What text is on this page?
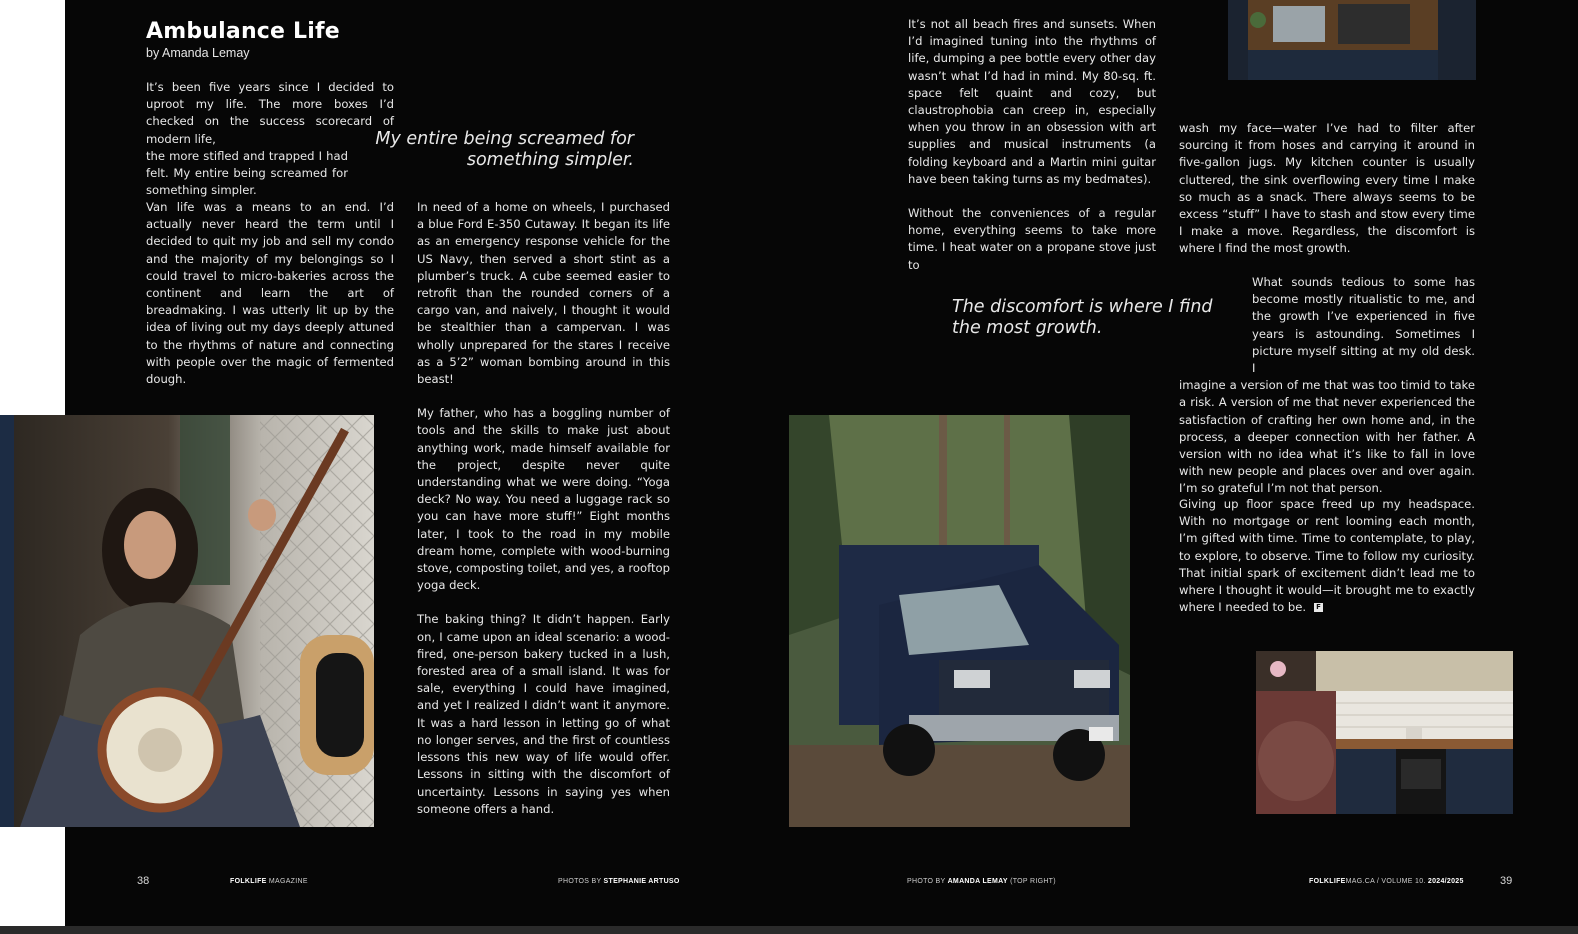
Ambulance Life
by Amanda Lemay

It’s been five years since I decided to uproot my life. The more boxes I’d checked on the success scorecard of modern life,

the more stifled and trapped I had felt. My entire being screamed for something simpler.

My entire being screamed for something simpler.
Van life was a means to an end. I’d actually never heard the term until I decided to quit my job and sell my condo and the majority of my belongings so I could travel to micro-bakeries across the continent and learn the art of breadmaking. I was utterly lit up by the idea of living out my days deeply attuned to the rhythms of nature and connecting with people over the magic of fermented dough.

In need of a home on wheels, I purchased a blue Ford E-350 Cutaway. It began its life as an emergency response vehicle for the US Navy, then served a short stint as a plumber’s truck. A cube seemed easier to retrofit than the rounded corners of a cargo van, and naively, I thought it would be stealthier than a campervan. I was wholly unprepared for the stares I receive as a 5’2” woman bombing around in this beast!

My father, who has a boggling number of tools and the skills to make just about anything work, made himself available for the project, despite never quite understanding what we were doing. “Yoga deck? No way. You need a luggage rack so you can have more stuff!” Eight months later, I took to the road in my mobile dream home, complete with wood-burning stove, composting toilet, and yes, a rooftop yoga deck.

The baking thing? It didn’t happen. Early on, I came upon an ideal scenario: a wood-fired, one-person bakery tucked in a lush, forested area of a small island. It was for sale, everything I could have imagined, and yet I realized I didn’t want it anymore. It was a hard lesson in letting go of what no longer serves, and the first of countless lessons this new way of life would offer. Lessons in sitting with the discomfort of uncertainty. Lessons in saying yes when someone offers a hand.

38	FOLKLIFE MAGAZINE	PHOTOS BY STEPHANIE ARTUSO

It’s not all beach fires and sunsets. When I’d imagined tuning into the rhythms of life, dumping a pee bottle every other day wasn’t what I’d had in mind. My 80-sq. ft. space felt quaint and cozy, but claustrophobia can creep in, especially when you throw in an obsession with art supplies and musical instruments (a folding keyboard and a Martin mini guitar have been taking turns as my bedmates).

Without the conveniences of a regular home, everything seems to take more time. I heat water on a propane stove just to

wash my face—water I’ve had to filter after sourcing it from hoses and carrying it around in five-gallon jugs. My kitchen counter is usually cluttered, the sink overflowing every time I make so much as a snack. There always seems to be excess “stuff” I have to stash and stow every time I make a move. Regardless, the discomfort is where I find the most growth.
The discomfort is where I find the most growth.

What sounds tedious to some has become mostly ritualistic to me, and the growth I’ve experienced in five years is astounding. Sometimes I picture myself sitting at my old desk. I

imagine a version of me that was too timid to take a risk. A version of me that never experienced the satisfaction of crafting her own home and, in the process, a deeper connection with her father. A version with no idea what it’s like to fall in love with new people and places over and over again. I’m so grateful I’m not that person.

Giving up floor space freed up my headspace. With no mortgage or rent looming each month, I’m gifted with time. Time to contemplate, to play, to explore, to observe. Time to follow my curiosity. That initial spark of excitement didn’t lead me to where I thought it would—it brought me to exactly where I needed to be. F
PHOTO BY AMANDA LEMAY (TOP RIGHT)	FOLKLIFEMAG.CA / VOLUME 10. 2024/2025	39
